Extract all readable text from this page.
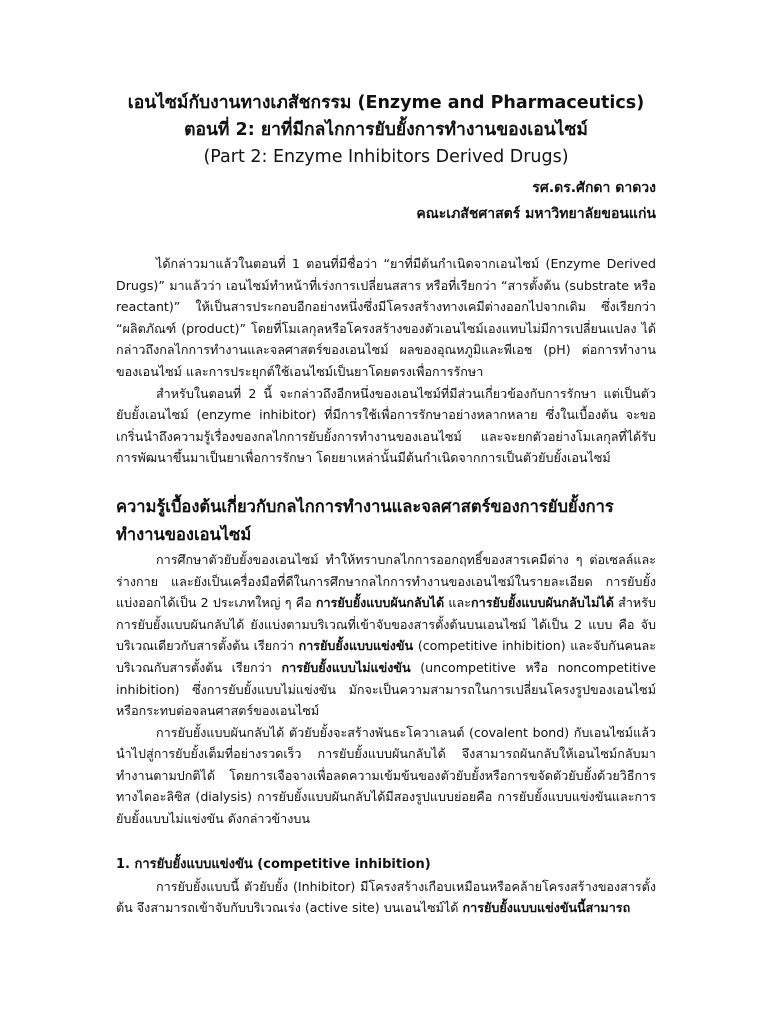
เอนไซม์กับงานทางเภสัชกรรม (Enzyme and Pharmaceutics)

ตอนที่ 2: ยาที่มีกลไกการยับยั้งการทำงานของเอนไซม์

(Part 2: Enzyme Inhibitors Derived Drugs)

รศ.ดร.ศักดา ดาดวง

คณะเภสัชศาสตร์ มหาวิทยาลัยขอนแก่น

ได้กล่าวมาแล้วในตอนที่ 1 ตอนที่มีชื่อว่า “ยาที่มีต้นกำเนิดจากเอนไซม์ (Enzyme Derived Drugs)” มาแล้วว่า เอนไซม์ทำหน้าที่เร่งการเปลี่ยนสสาร หรือที่เรียกว่า “สารตั้งต้น (substrate หรือ reactant)” ให้เป็นสารประกอบอีกอย่างหนึ่งซึ่งมีโครงสร้างทางเคมีต่างออกไปจากเดิม ซึ่งเรียกว่า “ผลิตภัณฑ์ (product)” โดยที่โมเลกุลหรือโครงสร้างของตัวเอนไซม์เองแทบไม่มีการเปลี่ยนแปลง ได้กล่าวถึงกลไกการทำงานและจลศาสตร์ของเอนไซม์ ผลของอุณหภูมิและพีเอช (pH) ต่อการทำงานของเอนไซม์ และการประยุกต์ใช้เอนไซม์เป็นยาโดยตรงเพื่อการรักษา

สำหรับในตอนที่ 2 นี้ จะกล่าวถึงอีกหนึ่งของเอนไซม์ที่มีส่วนเกี่ยวข้องกับการรักษา แต่เป็นตัวยับยั้งเอนไซม์ (enzyme inhibitor) ที่มีการใช้เพื่อการรักษาอย่างหลากหลาย ซึ่งในเบื้องต้น จะขอเกริ่นนำถึงความรู้เรื่องของกลไกการยับยั้งการทำงานของเอนไซม์ และจะยกตัวอย่างโมเลกุลที่ได้รับการพัฒนาขึ้นมาเป็นยาเพื่อการรักษา โดยยาเหล่านั้นมีต้นกำเนิดจากการเป็นตัวยับยั้งเอนไซม์

ความรู้เบื้องต้นเกี่ยวกับกลไกการทำงานและจลศาสตร์ของการยับยั้งการ
ทำงานของเอนไซม์

การศึกษาตัวยับยั้งของเอนไซม์ ทำให้ทราบกลไกการออกฤทธิ์ของสารเคมีต่าง ๆ ต่อเซลล์และร่างกาย และยังเป็นเครื่องมือที่ดีในการศึกษากลไกการทำงานของเอนไซม์ในรายละเอียด การยับยั้งแบ่งออกได้เป็น 2 ประเภทใหญ่ ๆ คือ การยับยั้งแบบผันกลับได้ และการยับยั้งแบบผันกลับไม่ได้ สำหรับการยับยั้งแบบผันกลับได้ ยังแบ่งตามบริเวณที่เข้าจับของสารตั้งต้นบนเอนไซม์ ได้เป็น 2 แบบ คือ จับบริเวณเดียวกับสารตั้งต้น เรียกว่า การยับยั้งแบบแข่งขัน (competitive inhibition) และจับกันคนละบริเวณกับสารตั้งต้น เรียกว่า การยับยั้งแบบไม่แข่งขัน (uncompetitive หรือ noncompetitive inhibition) ซึ่งการยับยั้งแบบไม่แข่งขัน มักจะเป็นความสามารถในการเปลี่ยนโครงรูปของเอนไซม์ หรือกระทบต่อจลนศาสตร์ของเอนไซม์

การยับยั้งแบบผันกลับได้ ตัวยับยั้งจะสร้างพันธะโควาเลนต์ (covalent bond) กับเอนไซม์แล้วนำไปสู่การยับยั้งเต็มที่อย่างรวดเร็ว การยับยั้งแบบผันกลับได้ จึงสามารถผันกลับให้เอนไซม์กลับมาทำงานตามปกติได้ โดยการเจือจางเพื่อลดความเข้มข้นของตัวยับยั้งหรือการขจัดตัวยับยั้งด้วยวิธีการทางไดอะลิซิส (dialysis) การยับยั้งแบบผันกลับได้มีสองรูปแบบย่อยคือ การยับยั้งแบบแข่งขันและการยับยั้งแบบไม่แข่งขัน ดังกล่าวข้างบน

1. การยับยั้งแบบแข่งขัน (competitive inhibition)

การยับยั้งแบบนี้ ตัวยับยั้ง (Inhibitor) มีโครงสร้างเกือบเหมือนหรือคล้ายโครงสร้างของสารตั้งต้น จึงสามารถเข้าจับกับบริเวณเร่ง (active site) บนเอนไซม์ได้ การยับยั้งแบบแข่งขันนี้สามารถ
